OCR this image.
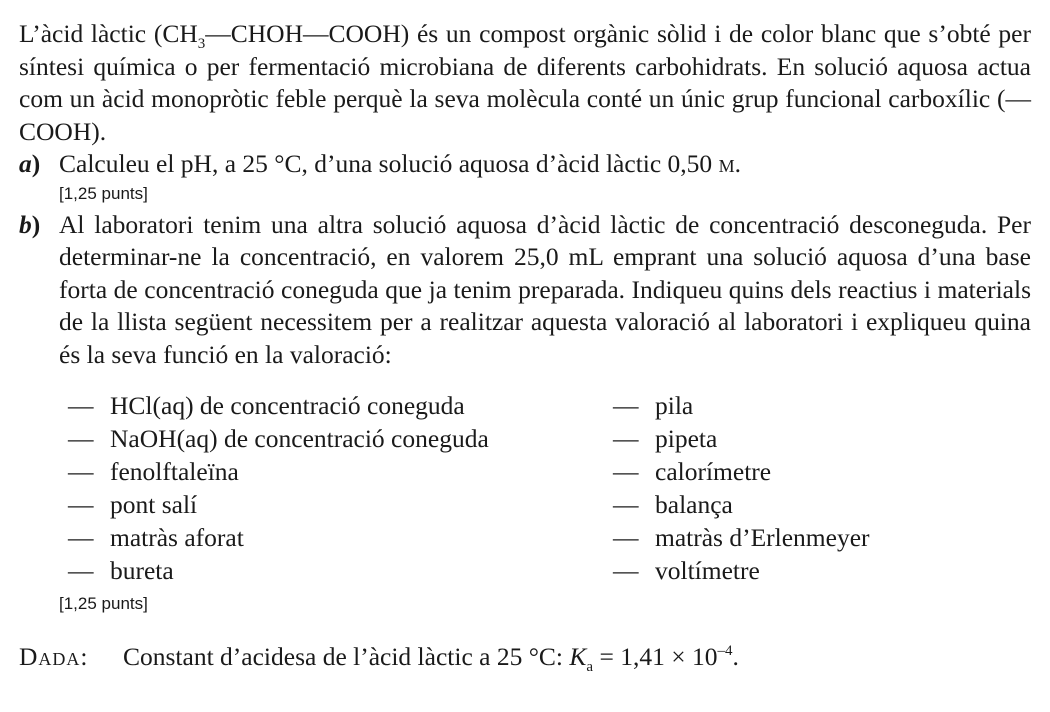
L’àcid làctic $(CH_3—CHOH—COOH)$ és un compost orgànic sòlid i de color blanc que s’obté per síntesi química o per fermentació microbiana de diferents carbohidrats. En solució aquosa actua com un àcid monopròtic feble perquè la seva molècula conté un únic grup funcional carboxílic (—COOH).

a) Calculeu el pH, a 25 °C, d’una solució aquosa d’àcid làctic 0,50 m.
[1,25 punts]
b) Al laboratori tenim una altra solució aquosa d’àcid làctic de concentració desconeguda. Per determinar-ne la concentració, en valorem 25,0 mL emprant una solució aquosa d’una base forta de concentració coneguda que ja tenim preparada. Indiqueu quins dels reactius i materials de la llista següent necessitem per a realitzar aquesta valoració al laboratori i expliqueu quina és la seva funció en la valoració:
— HCl(aq) de concentració coneguda
— NaOH(aq) de concentració coneguda
— fenolftaleïna
— pont salí
— matràs aforat
— bureta
— pila
— pipeta
— calorímetre
— balança
— matràs d’Erlenmeyer
— voltímetre
[1,25 punts]
Dada: Constant d’acidesa de l’àcid làctic a 25 °C: $K_a = 1,41 \times 10^{-4}$.
